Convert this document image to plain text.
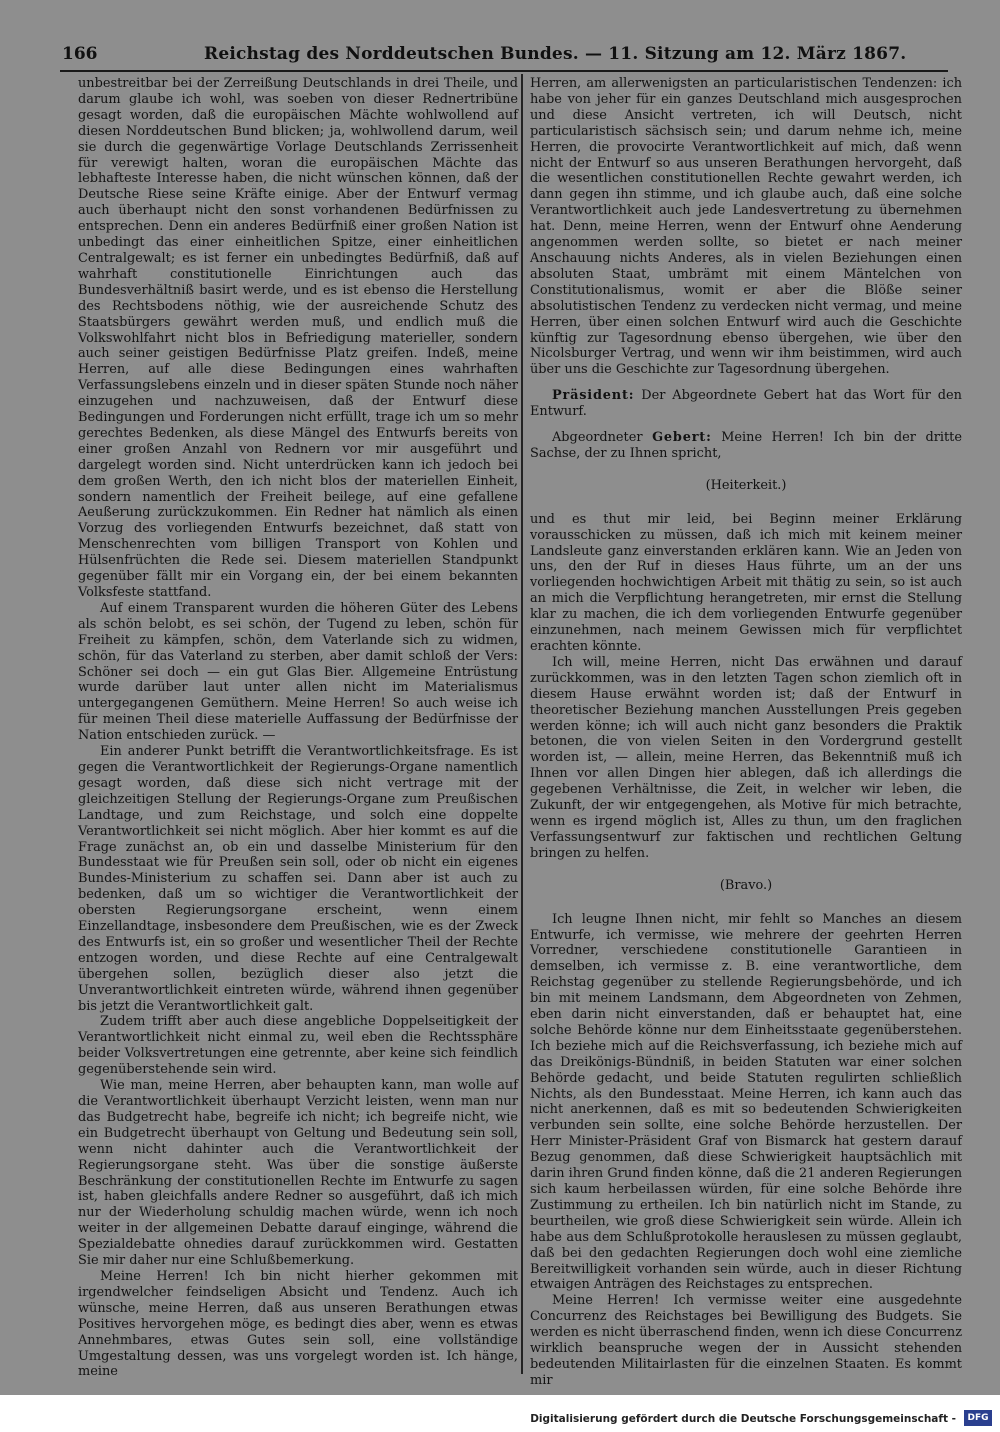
166	Reichstag des Norddeutschen Bundes. — 11. Sitzung am 12. März 1867.

unbestreitbar bei der Zerreißung Deutschlands in drei Theile, und darum glaube ich wohl, was soeben von dieser Rednertribüne gesagt worden, daß die europäischen Mächte wohlwollend auf diesen Norddeutschen Bund blicken; ja, wohlwollend darum, weil sie durch die gegenwärtige Vorlage Deutschlands Zerrissenheit für verewigt halten, woran die europäischen Mächte das lebhafteste Interesse haben, die nicht wünschen können, daß der Deutsche Riese seine Kräfte einige. Aber der Entwurf vermag auch überhaupt nicht den sonst vorhandenen Bedürfnissen zu entsprechen. Denn ein anderes Bedürfniß einer großen Nation ist unbedingt das einer einheitlichen Spitze, einer einheitlichen Centralgewalt; es ist ferner ein unbedingtes Bedürfniß, daß auf wahrhaft constitutionelle Einrichtungen auch das Bundesverhältniß basirt werde, und es ist ebenso die Herstellung des Rechtsbodens nöthig, wie der ausreichende Schutz des Staatsbürgers gewährt werden muß, und endlich muß die Volkswohlfahrt nicht blos in Befriedigung materieller, sondern auch seiner geistigen Bedürfnisse Platz greifen. Indeß, meine Herren, auf alle diese Bedingungen eines wahrhaften Verfassungslebens einzeln und in dieser späten Stunde noch näher einzugehen und nachzuweisen, daß der Entwurf diese Bedingungen und Forderungen nicht erfüllt, trage ich um so mehr gerechtes Bedenken, als diese Mängel des Entwurfs bereits von einer großen Anzahl von Rednern vor mir ausgeführt und dargelegt worden sind. Nicht unterdrücken kann ich jedoch bei dem großen Werth, den ich nicht blos der materiellen Einheit, sondern namentlich der Freiheit beilege, auf eine gefallene Aeußerung zurückzukommen. Ein Redner hat nämlich als einen Vorzug des vorliegenden Entwurfs bezeichnet, daß statt von Menschenrechten vom billigen Transport von Kohlen und Hülsenfrüchten die Rede sei. Diesem materiellen Standpunkt gegenüber fällt mir ein Vorgang ein, der bei einem bekannten Volksfeste stattfand.

Auf einem Transparent wurden die höheren Güter des Lebens als schön belobt, es sei schön, der Tugend zu leben, schön für Freiheit zu kämpfen, schön, dem Vaterlande sich zu widmen, schön, für das Vaterland zu sterben, aber damit schloß der Vers: Schöner sei doch — ein gut Glas Bier. Allgemeine Entrüstung wurde darüber laut unter allen nicht im Materialismus untergegangenen Gemüthern. Meine Herren! So auch weise ich für meinen Theil diese materielle Auffassung der Bedürfnisse der Nation entschieden zurück. —

Ein anderer Punkt betrifft die Verantwortlichkeitsfrage. Es ist gegen die Verantwortlichkeit der Regierungs-Organe namentlich gesagt worden, daß diese sich nicht vertrage mit der gleichzeitigen Stellung der Regierungs-Organe zum Preußischen Landtage, und zum Reichstage, und solch eine doppelte Verantwortlichkeit sei nicht möglich. Aber hier kommt es auf die Frage zunächst an, ob ein und dasselbe Ministerium für den Bundesstaat wie für Preußen sein soll, oder ob nicht ein eigenes Bundes-Ministerium zu schaffen sei. Dann aber ist auch zu bedenken, daß um so wichtiger die Verantwortlichkeit der obersten Regierungsorgane erscheint, wenn einem Einzellandtage, insbesondere dem Preußischen, wie es der Zweck des Entwurfs ist, ein so großer und wesentlicher Theil der Rechte entzogen worden, und diese Rechte auf eine Centralgewalt übergehen sollen, bezüglich dieser also jetzt die Unverantwortlichkeit eintreten würde, während ihnen gegenüber bis jetzt die Verantwortlichkeit galt.

Zudem trifft aber auch diese angebliche Doppelseitigkeit der Verantwortlichkeit nicht einmal zu, weil eben die Rechtssphäre beider Volksvertretungen eine getrennte, aber keine sich feindlich gegenüberstehende sein wird.

Wie man, meine Herren, aber behaupten kann, man wolle auf die Verantwortlichkeit überhaupt Verzicht leisten, wenn man nur das Budgetrecht habe, begreife ich nicht; ich begreife nicht, wie ein Budgetrecht überhaupt von Geltung und Bedeutung sein soll, wenn nicht dahinter auch die Verantwortlichkeit der Regierungsorgane steht. Was über die sonstige äußerste Beschränkung der constitutionellen Rechte im Entwurfe zu sagen ist, haben gleichfalls andere Redner so ausgeführt, daß ich mich nur der Wiederholung schuldig machen würde, wenn ich noch weiter in der allgemeinen Debatte darauf einginge, während die Spezialdebatte ohnedies darauf zurückkommen wird. Gestatten Sie mir daher nur eine Schlußbemerkung.

Meine Herren! Ich bin nicht hierher gekommen mit irgendwelcher feindseligen Absicht und Tendenz. Auch ich wünsche, meine Herren, daß aus unseren Berathungen etwas Positives hervorgehen möge, es bedingt dies aber, wenn es etwas Annehmbares, etwas Gutes sein soll, eine vollständige Umgestaltung dessen, was uns vorgelegt worden ist. Ich hänge, meine

Herren, am allerwenigsten an particularistischen Tendenzen: ich habe von jeher für ein ganzes Deutschland mich ausgesprochen und diese Ansicht vertreten, ich will Deutsch, nicht particularistisch sächsisch sein; und darum nehme ich, meine Herren, die provocirte Verantwortlichkeit auf mich, daß wenn nicht der Entwurf so aus unseren Berathungen hervorgeht, daß die wesentlichen constitutionellen Rechte gewahrt werden, ich dann gegen ihn stimme, und ich glaube auch, daß eine solche Verantwortlichkeit auch jede Landesvertretung zu übernehmen hat. Denn, meine Herren, wenn der Entwurf ohne Aenderung angenommen werden sollte, so bietet er nach meiner Anschauung nichts Anderes, als in vielen Beziehungen einen absoluten Staat, umbrämt mit einem Mäntelchen von Constitutionalismus, womit er aber die Blöße seiner absolutistischen Tendenz zu verdecken nicht vermag, und meine Herren, über einen solchen Entwurf wird auch die Geschichte künftig zur Tagesordnung ebenso übergehen, wie über den Nicolsburger Vertrag, und wenn wir ihm beistimmen, wird auch über uns die Geschichte zur Tagesordnung übergehen.

Präsident: Der Abgeordnete Gebert hat das Wort für den Entwurf.

Abgeordneter Gebert: Meine Herren! Ich bin der dritte Sachse, der zu Ihnen spricht,

(Heiterkeit.)

und es thut mir leid, bei Beginn meiner Erklärung vorausschicken zu müssen, daß ich mich mit keinem meiner Landsleute ganz einverstanden erklären kann. Wie an Jeden von uns, den der Ruf in dieses Haus führte, um an der uns vorliegenden hochwichtigen Arbeit mit thätig zu sein, so ist auch an mich die Verpflichtung herangetreten, mir ernst die Stellung klar zu machen, die ich dem vorliegenden Entwurfe gegenüber einzunehmen, nach meinem Gewissen mich für verpflichtet erachten könnte.

Ich will, meine Herren, nicht Das erwähnen und darauf zurückkommen, was in den letzten Tagen schon ziemlich oft in diesem Hause erwähnt worden ist; daß der Entwurf in theoretischer Beziehung manchen Ausstellungen Preis gegeben werden könne; ich will auch nicht ganz besonders die Praktik betonen, die von vielen Seiten in den Vordergrund gestellt worden ist, — allein, meine Herren, das Bekenntniß muß ich Ihnen vor allen Dingen hier ablegen, daß ich allerdings die gegebenen Verhältnisse, die Zeit, in welcher wir leben, die Zukunft, der wir entgegengehen, als Motive für mich betrachte, wenn es irgend möglich ist, Alles zu thun, um den fraglichen Verfassungsentwurf zur faktischen und rechtlichen Geltung bringen zu helfen.

(Bravo.)

Ich leugne Ihnen nicht, mir fehlt so Manches an diesem Entwurfe, ich vermisse, wie mehrere der geehrten Herren Vorredner, verschiedene constitutionelle Garantieen in demselben, ich vermisse z. B. eine verantwortliche, dem Reichstag gegenüber zu stellende Regierungsbehörde, und ich bin mit meinem Landsmann, dem Abgeordneten von Zehmen, eben darin nicht einverstanden, daß er behauptet hat, eine solche Behörde könne nur dem Einheitsstaate gegenüberstehen. Ich beziehe mich auf die Reichsverfassung, ich beziehe mich auf das Dreikönigs-Bündniß, in beiden Statuten war einer solchen Behörde gedacht, und beide Statuten regulirten schließlich Nichts, als den Bundesstaat. Meine Herren, ich kann auch das nicht anerkennen, daß es mit so bedeutenden Schwierigkeiten verbunden sein sollte, eine solche Behörde herzustellen. Der Herr Minister-Präsident Graf von Bismarck hat gestern darauf Bezug genommen, daß diese Schwierigkeit hauptsächlich mit darin ihren Grund finden könne, daß die 21 anderen Regierungen sich kaum herbeilassen würden, für eine solche Behörde ihre Zustimmung zu ertheilen. Ich bin natürlich nicht im Stande, zu beurtheilen, wie groß diese Schwierigkeit sein würde. Allein ich habe aus dem Schlußprotokolle herauslesen zu müssen geglaubt, daß bei den gedachten Regierungen doch wohl eine ziemliche Bereitwilligkeit vorhanden sein würde, auch in dieser Richtung etwaigen Anträgen des Reichstages zu entsprechen.

Meine Herren! Ich vermisse weiter eine ausgedehnte Concurrenz des Reichstages bei Bewilligung des Budgets. Sie werden es nicht überraschend finden, wenn ich diese Concurrenz wirklich beanspruche wegen der in Aussicht stehenden bedeutenden Militairlasten für die einzelnen Staaten. Es kommt mir

Digitalisierung gefördert durch die Deutsche Forschungsgemeinschaft -	DFG
